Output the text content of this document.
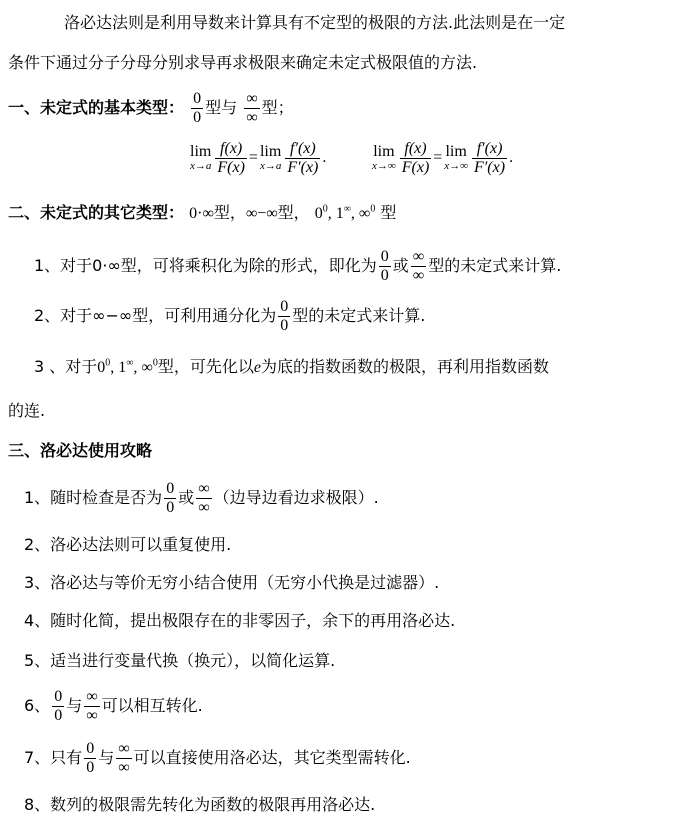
洛必达法则是利用导数来计算具有不定型的极限的方法.此法则是在一定
条件下通过分子分母分别求导再求极限来确定未定式极限值的方法.
一、未定式的基本类型： $\frac{0}{0}$ 型与 $\frac{\infty}{\infty}$ 型；
lim
$x\to a \frac{f(x)}{F(x)} = \lim$
$x\to a \frac{f'(x)}{F'(x)}$ .	lim
$x\to\infty \frac{f(x)}{F(x)} = \lim$
$x\to\infty \frac{f'(x)}{F'(x)}$ .
二、未定式的其它类型： 0·∞型，∞−∞型， $0^0$, 1∞, ∞$^0$ 型
1、对于0·∞型，可将乘积化为除的形式，即化为 $\frac{0}{0}$ 或 $\frac{\infty}{\infty}$ 型的未定式来计算.
2、对于∞−∞型，可利用通分化为 $\frac{0}{0}$ 型的未定式来计算.
3 、对于$0^0$, 1∞, ∞$^0$型，可先化以e为底的指数函数的极限，再利用指数函数
的连.
三、洛必达使用攻略
1、随时检查是否为 $\frac{0}{0}$ 或 $\frac{\infty}{\infty}$ （边导边看边求极限）.
2、洛必达法则可以重复使用.
3、洛必达与等价无穷小结合使用（无穷小代换是过滤器）.
4、随时化简，提出极限存在的非零因子，余下的再用洛必达.
5、适当进行变量代换（换元），以简化运算.
6、 $\frac{0}{0}$ 与 $\frac{\infty}{\infty}$ 可以相互转化.
7、只有 $\frac{0}{0}$ 与 $\frac{\infty}{\infty}$ 可以直接使用洛必达，其它类型需转化.
8、数列的极限需先转化为函数的极限再用洛必达.
